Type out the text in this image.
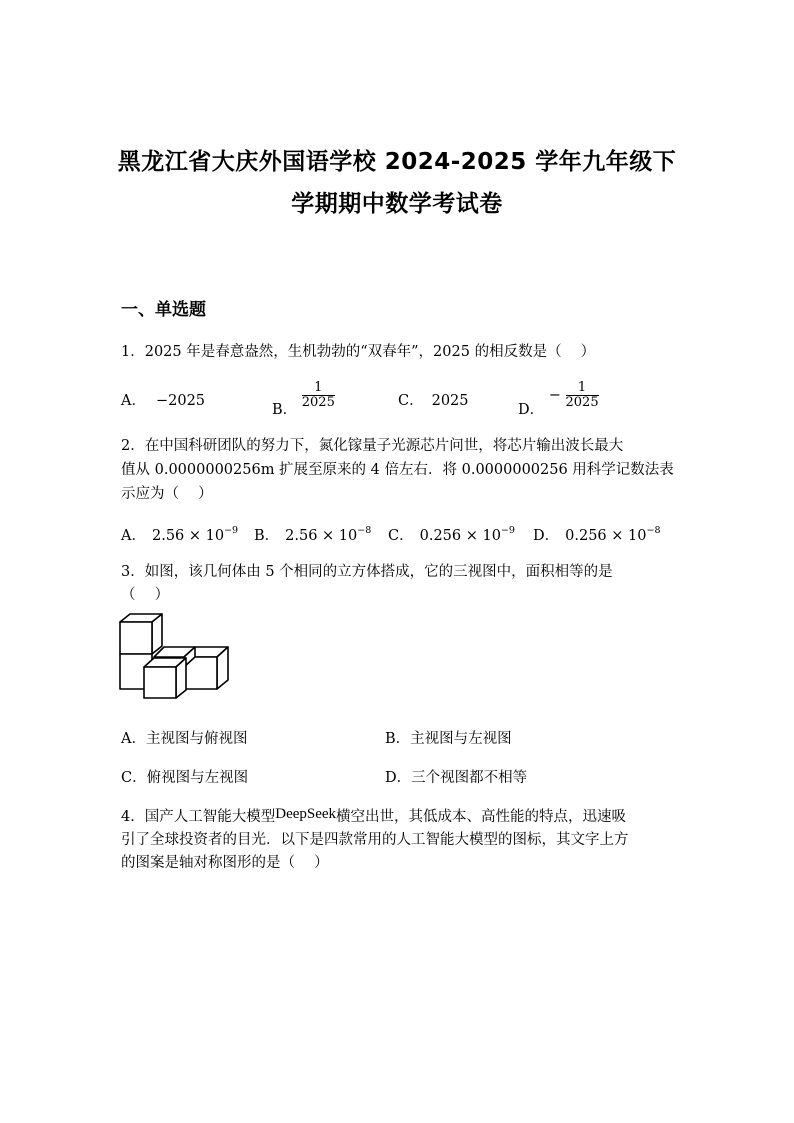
黑龙江省大庆外国语学校 2024-2025 学年九年级下
学期期中数学考试卷
一、单选题
1．2025 年是春意盎然，生机勃勃的“双春年”，2025 的相反数是（　 ）
A． −2025
B． $\frac{1}{2025}$	C． 2025
D． − $\frac{1}{2025}$
2．在中国科研团队的努力下，氮化镓量子光源芯片问世，将芯片输出波长最大
值从 0.0000000256m 扩展至原来的 4 倍左右．将 0.0000000256 用科学记数法表
示应为（　 ）
A． $2.56 \times 10^{-9}$ B． $2.56 \times 10^{-8}$ C． $0.256 \times 10^{-9}$ D． $0.256 \times 10^{-8}$
3．如图，该几何体由 5 个相同的立方体搭成，它的三视图中，面积相等的是
（　 ）
A．主视图与俯视图	B．主视图与左视图
C．俯视图与左视图	D．三个视图都不相等
4．国产人工智能大模型DeepSeek横空出世，其低成本、高性能的特点，迅速吸
引了全球投资者的目光．以下是四款常用的人工智能大模型的图标，其文字上方
的图案是轴对称图形的是（　 ）
